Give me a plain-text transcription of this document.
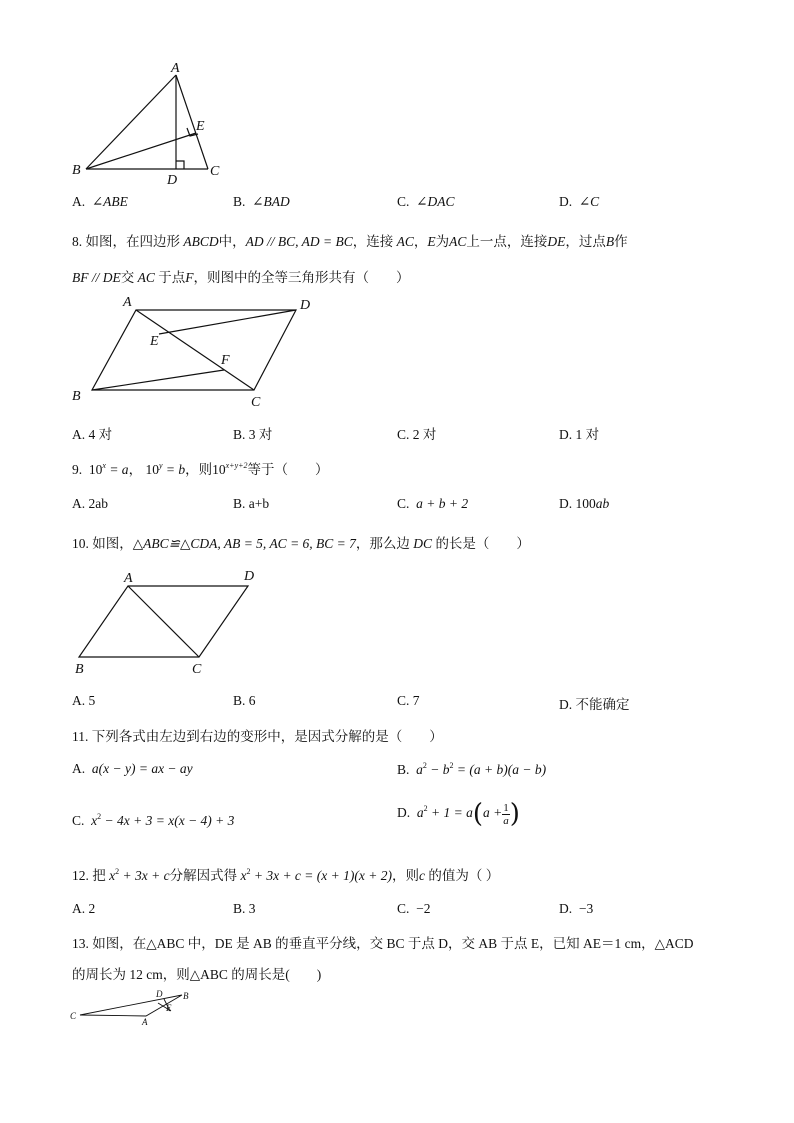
A
B	C
D
E
A. ∠ABE	B. ∠BAD	C. ∠DAC	D. ∠C
8. 如图，在四边形 ABCD中，AD // BC, AD = BC，连接 AC，E为AC上一点，连接DE，过点B作
BF // DE交 AC 于点F，则图中的全等三角形共有（　　）
A	D
E
F
B	C
A. 4 对	B. 3 对	C. 2 对	D. 1 对
9. $10^x = a$， $10^y = b$，则$10^{x+y+2}$等于（　　）
A. 2ab	B. a+b	C. a + b + 2	D. 100ab
10. 如图，△ABC≌△CDA, AB = 5, AC = 6, BC = 7，那么边 DC 的长是（　　）
A	D
B	C
A. 5	B. 6	C. 7	D. 不能确定
11. 下列各式由左边到右边的变形中，是因式分解的是（　　）
A. a(x − y) = ax − ay	B. $a^2 - b^2 = (a + b)(a - b)$
C. $x^2 - 4x + 3 = x(x - 4) + 3$
D. $a^2 + 1 = a(a + \frac{1}{a}$ )
12. 把 $x^2 + 3x + c$分解因式得 $x^2 + 3x + c = (x + 1)(x + 2)$，则c 的值为（ ）
A. 2	B. 3	C. −2	D. −3
13. 如图，在△ABC 中，DE 是 AB 的垂直平分线，交 BC 于点 D，交 AB 于点 E，已知 AE＝1 cm，△ACD
的周长为 12 cm，则△ABC 的周长是(　　)
C
A
B
D
E
